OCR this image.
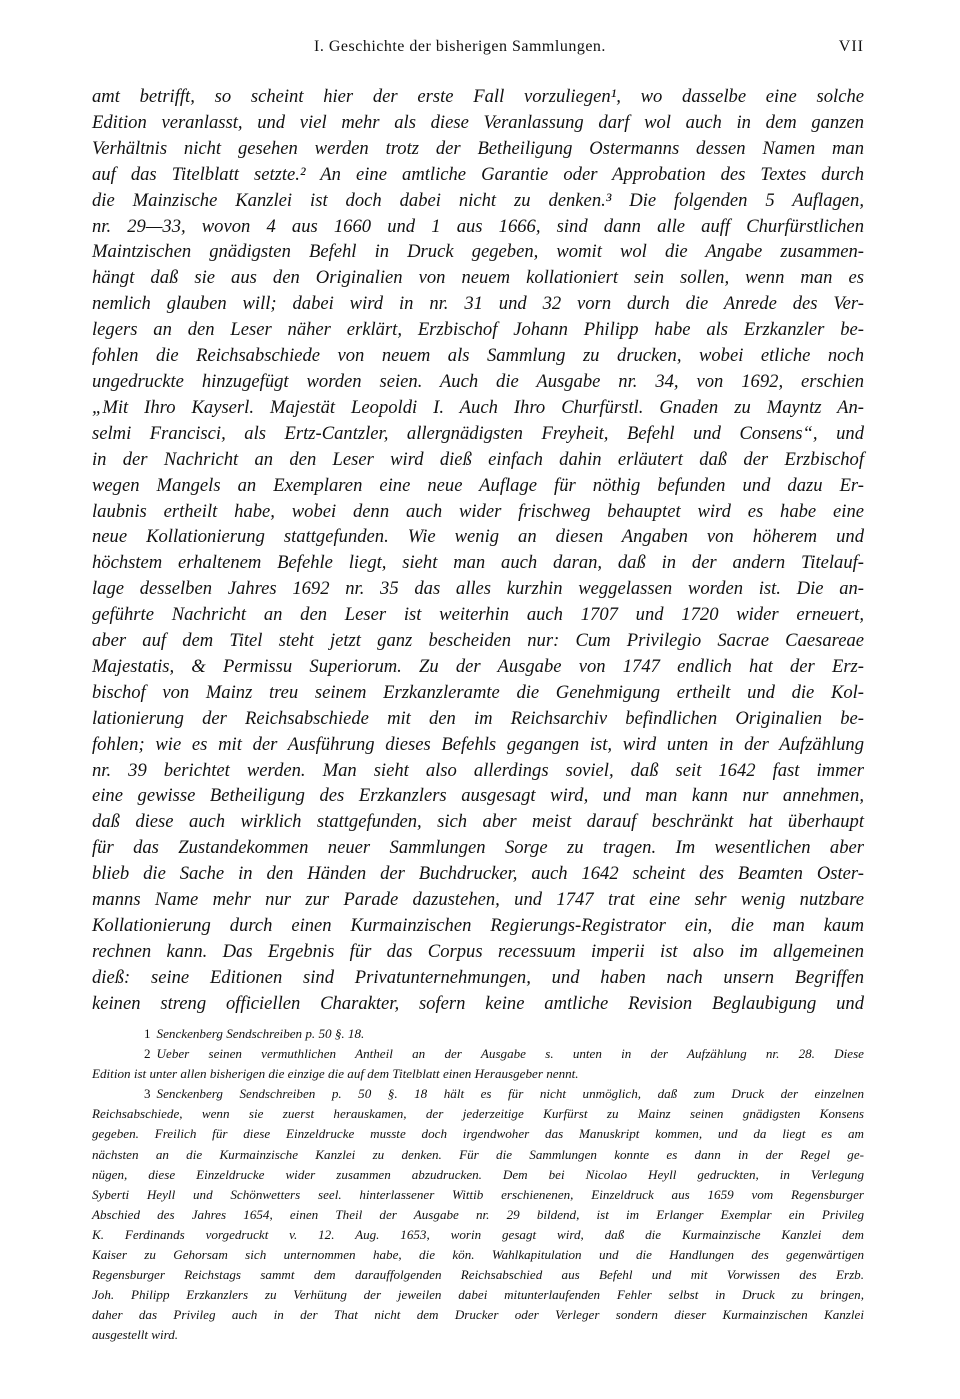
I. Geschichte der bisherigen Sammlungen.	VII
amt betrifft, so scheint hier der erste Fall vorzuliegen¹, wo dasselbe eine solche
Edition veranlasst, und viel mehr als diese Veranlassung darf wol auch in dem ganzen
Verhältnis nicht gesehen werden trotz der Betheiligung Ostermanns dessen Namen man
auf das Titelblatt setzte.² An eine amtliche Garantie oder Approbation des Textes durch
die Mainzische Kanzlei ist doch dabei nicht zu denken.³ Die folgenden 5 Auflagen,
nr. 29—33, wovon 4 aus 1660 und 1 aus 1666, sind dann alle auff Churfürstlichen
Maintzischen gnädigsten Befehl in Druck gegeben, womit wol die Angabe zusammen-
hängt daß sie aus den Originalien von neuem kollationiert sein sollen, wenn man es
nemlich glauben will; dabei wird in nr. 31 und 32 vorn durch die Anrede des Ver-
legers an den Leser näher erklärt, Erzbischof Johann Philipp habe als Erzkanzler be-
fohlen die Reichsabschiede von neuem als Sammlung zu drucken, wobei etliche noch
ungedruckte hinzugefügt worden seien. Auch die Ausgabe nr. 34, von 1692, erschien
„Mit Ihro Kayserl. Majestät Leopoldi I. Auch Ihro Churfürstl. Gnaden zu Mayntz An-
selmi Francisci, als Ertz-Cantzler, allergnädigsten Freyheit, Befehl und Consens“, und
in der Nachricht an den Leser wird dieß einfach dahin erläutert daß der Erzbischof
wegen Mangels an Exemplaren eine neue Auflage für nöthig befunden und dazu Er-
laubnis ertheilt habe, wobei denn auch wider frischweg behauptet wird es habe eine
neue Kollationierung stattgefunden. Wie wenig an diesen Angaben von höherem und
höchstem erhaltenem Befehle liegt, sieht man auch daran, daß in der andern Titelauf-
lage desselben Jahres 1692 nr. 35 das alles kurzhin weggelassen worden ist. Die an-
geführte Nachricht an den Leser ist weiterhin auch 1707 und 1720 wider erneuert,
aber auf dem Titel steht jetzt ganz bescheiden nur: Cum Privilegio Sacrae Caesareae
Majestatis, & Permissu Superiorum. Zu der Ausgabe von 1747 endlich hat der Erz-
bischof von Mainz treu seinem Erzkanzleramte die Genehmigung ertheilt und die Kol-
lationierung der Reichsabschiede mit den im Reichsarchiv befindlichen Originalien be-
fohlen; wie es mit der Ausführung dieses Befehls gegangen ist, wird unten in der Aufzählung
nr. 39 berichtet werden. Man sieht also allerdings soviel, daß seit 1642 fast immer
eine gewisse Betheiligung des Erzkanzlers ausgesagt wird, und man kann nur annehmen,
daß diese auch wirklich stattgefunden, sich aber meist darauf beschränkt hat überhaupt
für das Zustandekommen neuer Sammlungen Sorge zu tragen. Im wesentlichen aber
blieb die Sache in den Händen der Buchdrucker, auch 1642 scheint des Beamten Oster-
manns Name mehr nur zur Parade dazustehen, und 1747 trat eine sehr wenig nutzbare
Kollationierung durch einen Kurmainzischen Regierungs-Registrator ein, die man kaum
rechnen kann. Das Ergebnis für das Corpus recessuum imperii ist also im allgemeinen
dieß: seine Editionen sind Privatunternehmungen, und haben nach unsern Begriffen
keinen streng officiellen Charakter, sofern keine amtliche Revision Beglaubigung und
1 Senckenberg Sendschreiben p. 50 §. 18.
2 Ueber seinen vermuthlichen Antheil an der Ausgabe s. unten in der Aufzählung nr. 28. Diese
Edition ist unter allen bisherigen die einzige die auf dem Titelblatt einen Herausgeber nennt.
3 Senckenberg Sendschreiben p. 50 §. 18 hält es für nicht unmöglich, daß zum Druck der einzelnen
Reichsabschiede, wenn sie zuerst herauskamen, der jederzeitige Kurfürst zu Mainz seinen gnädigsten Konsens
gegeben. Freilich für diese Einzeldrucke musste doch irgendwoher das Manuskript kommen, und da liegt es am
nächsten an die Kurmainzische Kanzlei zu denken. Für die Sammlungen konnte es dann in der Regel ge-
nügen, diese Einzeldrucke wider zusammen abzudrucken. Dem bei Nicolao Heyll gedruckten, in Verlegung
Syberti Heyll und Schönwetters seel. hinterlassener Wittib erschienenen, Einzeldruck aus 1659 vom Regensburger
Abschied des Jahres 1654, einen Theil der Ausgabe nr. 29 bildend, ist im Erlanger Exemplar ein Privileg
K. Ferdinands vorgedruckt v. 12. Aug. 1653, worin gesagt wird, daß die Kurmainzische Kanzlei dem
Kaiser zu Gehorsam sich unternommen habe, die kön. Wahlkapitulation und die Handlungen des gegenwärtigen
Regensburger Reichstags sammt dem darauffolgenden Reichsabschied aus Befehl und mit Vorwissen des Erzb.
Joh. Philipp Erzkanzlers zu Verhütung der jeweilen dabei mitunterlaufenden Fehler selbst in Druck zu bringen,
daher das Privileg auch in der That nicht dem Drucker oder Verleger sondern dieser Kurmainzischen Kanzlei
ausgestellt wird.
